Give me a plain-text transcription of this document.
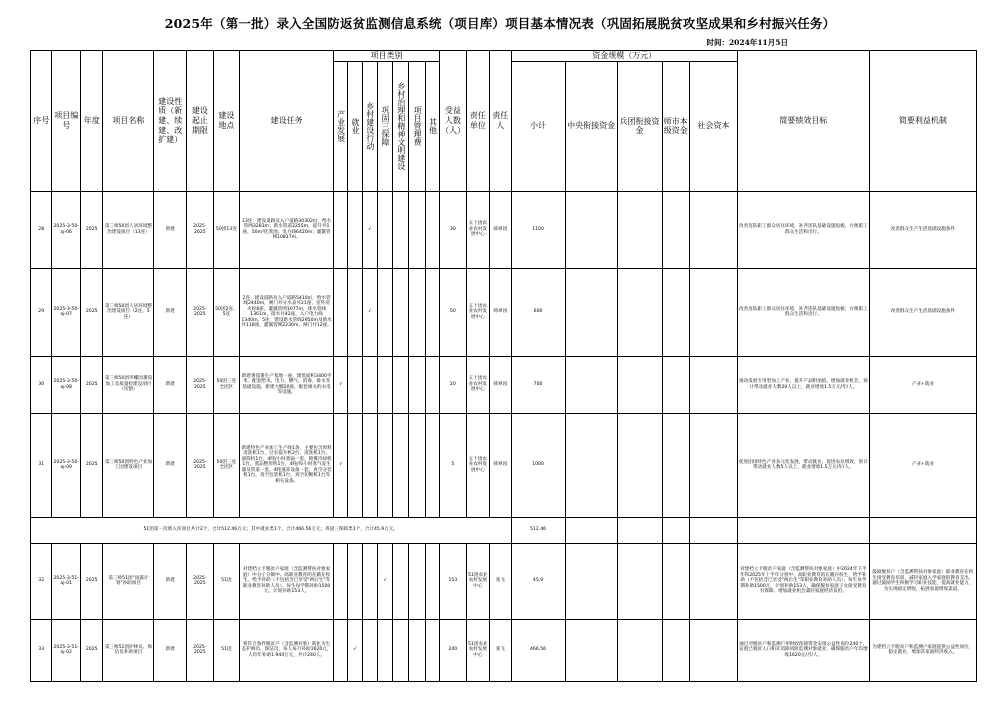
2025年（第一批）录入全国防返贫监测信息系统（项目库）项目基本情况表（巩固拓展脱贫攻坚成果和乡村振兴任务）
时间：2024年11月5日
序号	项目编号	年度	项目名称	建设性质（新建、续建、改扩建）	建设起止期限	建设地点	建设任务	项目类别							受益人数（人）	责任单位	责任人	资金规模（万元）					简要绩效目标	简要利益机制

								产业发展	就业	乡村建设行动	巩固三保障	乡村治理和精神文明建设	项目管理费	其他				小计	中央衔接资金	兵团衔接资金	师市本级资金	社会资本		
28	2025-3-50-aj-06	2025	第三师50团人居环境整治建设项目（13连）	新建	2025-2025	50团13连	13连：建设道路及入户道路30302㎡，给水管网3283m；新水管道2255m，提升井1座，50m³化粪池；电力线6420m；灌溉管网10817m。			√					30	五十团农业农村发展中心	韩翠园	1100					改善连队职工群众居住环境，补齐连队基础设施短板，方便职工群众生活和出行。	改善群众生产生活基础设施条件
29	2025-3-50-aj-07	2025	第三师50团人居环境整治建设项目（2连、5连）	新建	2025-2025	50团2连、5连	2连：建设道路及入户道路5410㎡，给水管线2440m，闸门井分水表井21座，室外消火栓6座，灌溉管网1077m，排水管线1361m，排水井42座，入户电力线1340m。5连：建设新水管线2950m及新水井118座，灌溉管网2230m，闸门井12座。			√					50	五十团农业农村发展中心	韩翠园	600					改善连队职工群众居住环境，补齐连队基础设施短板，方便职工群众生活和出行。	改善群众生产生活基础设施条件
30	2025-3-50-aj-08	2025	第三师50团枣椰园番茄加工及质量检建设项目（切割）	新建	2025-2025	50团三连全团区	新建番茄番生产基地一座，建筑面积3400平米。配套给水、电力、燃气、消毒、排水等基础设施。新建大棚20座，配套相关的水电等设施。	√							20	五十团农业农村发展中心	韩翠园	700					推动发展专用型加工产业，提升产品附加值，增加就业机会，预计带动就业人数20人以上，就业增收1.5万元/年/人。	产业+就业
31	2025-3-50-aj-09	2025	第三师50团特色产业加工园建设项目	新建	2025-2025	50团三连全团区	新建特色产业加工生产线1条，主要包含原料清洗机1台，过水提升机2台，清洗机1台，滚筒机1台，4吨/小时蒸锅一套，喷雾冷却机1台，蒸品整形机1台，4吨/每小时蒸气发生器及管道一套，4吨速冻设备一套，真空分装机1台，真空包装机1台，真空切断机1台等相关设备。	√							5	五十团农业农村发展中心	韩翠园	1000					促进团场特色产业多元化发展，带动就业，促进农业增效，预计带动就业人数5人以上，就业增收1.5万元/年/人。	产业+就业
51团第一次新入库项目共计2个，合计512.46万元；其中就业类1个，合计466.56万元；巩固三保障类1个，合计45.9万元。																		512.46						
32	2025-3-51-aj-01	2025	第三师51团"雨露计划"补助项目	新建	2025-2025	51团	对建档立卡脱贫户家庭（含监测帮扶对象家庭）中分子分制中、高职业教育的在籍在校生，给予补助（不包括含已享受"两后生"等职业教育补助人员）。每生每学期补助1500元，计划补助153人。				√				153	51团农业农村发展中心	张飞	45.9					对建档立卡脱贫户家庭（含监测帮扶对象家庭）中2024年下半年和2025年上半年分别中、高职业教育的在籍在校生，给予补助（不包括含已享受"两后生"等职业教育补助人员），每生每学期补助1500元，计划补助153人，确保脱贫家庭子女接受教育有保障。增加就业机会减轻家庭经济负担。	鼓励脱贫户（含监测帮扶对象家庭）职业教育在校生接受教育培训，减轻家庭入学家庭的教育支出，通过鼓励学生积极学习职业技能，提高就业能力，为实现稳定增收，拓展家庭增收渠道。
33	2025-3-51-aj-02	2025	第三师51团护林员、保洁员补助项目	新建	2025-2025	51团	将符合条件脱贫户（含监测对象）转化为生态护林员、保洁员，每人每月补助1620元，人均年补助1.944万元，共计240人。		√						240	51团农业农村发展中心	张飞	466.56					通过对脱贫户和监测户用财政衔接资金安排公益性岗位240个，安置已脱贫人口和未消除风险监测对象就业，确保脱贫户年均增收1620元/月/人。	为建档立卡脱贫户和监测户家庭提供公益性岗位，稳定就业，增加其家庭经济收入。
